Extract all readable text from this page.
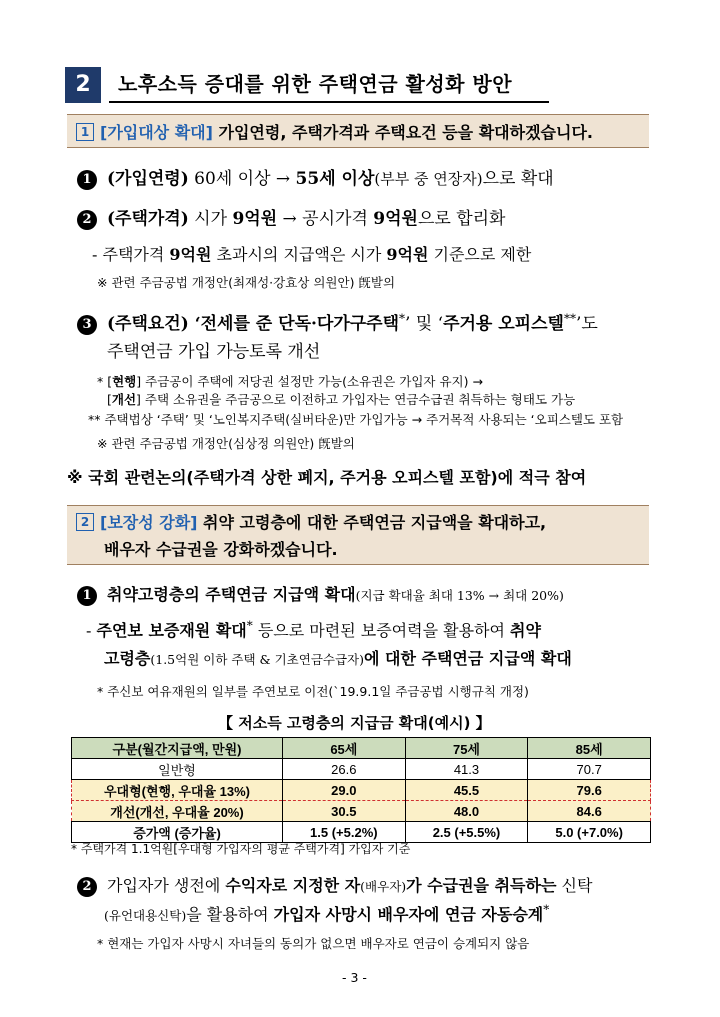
2	노후소득 증대를 위한 주택연금 활성화 방안
1 [가입대상 확대] 가입연령, 주택가격과 주택요건 등을 확대하겠습니다.
1 (가입연령) 60세 이상 → 55세 이상(부부 중 연장자)으로 확대
2 (주택가격) 시가 9억원 → 공시가격 9억원으로 합리화
- 주택가격 9억원 초과시의 지급액은 시가 9억원 기준으로 제한
※ 관련 주금공법 개정안(최재성·강효상 의원안) 旣발의
3 (주택요건) ‘전세를 준 단독·다가구주택*’ 및 ‘주거용 오피스텔**’도
주택연금 가입 가능토록 개선
* [현행] 주금공이 주택에 저당권 설정만 가능(소유권은 가입자 유지) →
[개선] 주택 소유권을 주금공으로 이전하고 가입자는 연금수급권 취득하는 형태도 가능
** 주택법상 ‘주택’ 및 ‘노인복지주택(실버타운)만 가입가능 → 주거목적 사용되는 ‘오피스텔도 포함
※ 관련 주금공법 개정안(심상정 의원안) 旣발의
※ 국회 관련논의(주택가격 상한 폐지, 주거용 오피스텔 포함)에 적극 참여
2 [보장성 강화] 취약 고령층에 대한 주택연금 지급액을 확대하고,
배우자 수급권을 강화하겠습니다.
1 취약고령층의 주택연금 지급액 확대(지급 확대율 최대 13% → 최대 20%)
- 주연보 보증재원 확대* 등으로 마련된 보증여력을 활용하여 취약
고령층(1.5억원 이하 주택 & 기초연금수급자)에 대한 주택연금 지급액 확대
* 주신보 여유재원의 일부를 주연보로 이전(`19.9.1일 주금공법 시행규칙 개정)
【 저소득 고령층의 지급금 확대(예시) 】
구분(월간지급액, 만원)	65세	75세	85세
일반형	26.6	41.3	70.7
우대형(현행, 우대율 13%)	29.0	45.5	79.6
개선(개선, 우대율 20%)	30.5	48.0	84.6
증가액 (증가율)	1.5 (+5.2%)	2.5 (+5.5%)	5.0 (+7.0%)
* 주택가격 1.1억원[우대형 가입자의 평균 주택가격] 가입자 기준
2 가입자가 생전에 수익자로 지정한 자(배우자)가 수급권을 취득하는 신탁
(유언대용신탁)을 활용하여 가입자 사망시 배우자에 연금 자동승계*
* 현재는 가입자 사망시 자녀들의 동의가 없으면 배우자로 연금이 승계되지 않음
- 3 -
